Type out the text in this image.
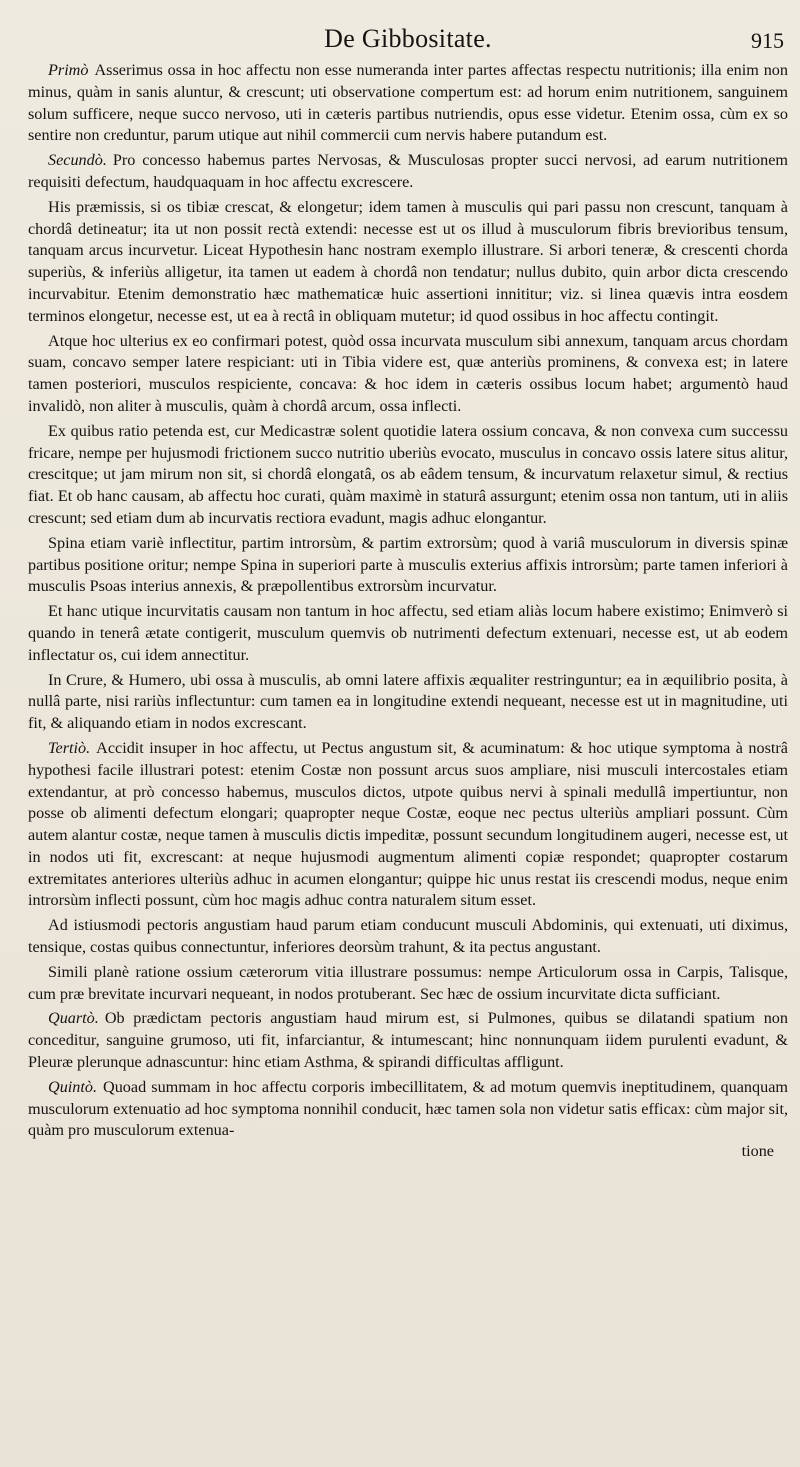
De Gibbositate.	915

Primò Asserimus ossa in hoc affectu non esse numeranda inter partes affectas respectu nutritionis; illa enim non minus, quàm in sanis aluntur, & crescunt; uti observatione compertum est: ad horum enim nutritionem, sanguinem solum sufficere, neque succo nervoso, uti in cæteris partibus nutriendis, opus esse videtur. Etenim ossa, cùm ex so sentire non creduntur, parum utique aut nihil commercii cum nervis habere putandum est.

Secundò. Pro concesso habemus partes Nervosas, & Musculosas propter succi nervosi, ad earum nutritionem requisiti defectum, haudquaquam in hoc affectu excrescere.

His præmissis, si os tibiæ crescat, & elongetur; idem tamen à musculis qui pari passu non crescunt, tanquam à chordâ detineatur; ita ut non possit rectà extendi: necesse est ut os illud à musculorum fibris brevioribus tensum, tanquam arcus incurvetur. Liceat Hypothesin hanc nostram exemplo illustrare. Si arbori teneræ, & crescenti chorda superiùs, & inferiùs alligetur, ita tamen ut eadem à chordâ non tendatur; nullus dubito, quin arbor dicta crescendo incurvabitur. Etenim demonstratio hæc mathematicæ huic assertioni innititur; viz. si linea quævis intra eosdem terminos elongetur, necesse est, ut ea à rectâ in obliquam mutetur; id quod ossibus in hoc affectu contingit.

Atque hoc ulterius ex eo confirmari potest, quòd ossa incurvata musculum sibi annexum, tanquam arcus chordam suam, concavo semper latere respiciant: uti in Tibia videre est, quæ anteriùs prominens, & convexa est; in latere tamen posteriori, musculos respiciente, concava: & hoc idem in cæteris ossibus locum habet; argumentò haud invalidò, non aliter à musculis, quàm à chordâ arcum, ossa inflecti.

Ex quibus ratio petenda est, cur Medicastræ solent quotidie latera ossium concava, & non convexa cum successu fricare, nempe per hujusmodi frictionem succo nutritio uberiùs evocato, musculus in concavo ossis latere situs alitur, crescitque; ut jam mirum non sit, si chordâ elongatâ, os ab eâdem tensum, & incurvatum relaxetur simul, & rectius fiat. Et ob hanc causam, ab affectu hoc curati, quàm maximè in staturâ assurgunt; etenim ossa non tantum, uti in aliis crescunt; sed etiam dum ab incurvatis rectiora evadunt, magis adhuc elongantur.

Spina etiam variè inflectitur, partim introrsùm, & partim extrorsùm; quod à variâ musculorum in diversis spinæ partibus positione oritur; nempe Spina in superiori parte à musculis exterius affixis introrsùm; parte tamen inferiori à musculis Psoas interius annexis, & præpollentibus extrorsùm incurvatur.

Et hanc utique incurvitatis causam non tantum in hoc affectu, sed etiam aliàs locum habere existimo; Enimverò si quando in tenerâ ætate contigerit, musculum quemvis ob nutrimenti defectum extenuari, necesse est, ut ab eodem inflectatur os, cui idem annectitur.

In Crure, & Humero, ubi ossa à musculis, ab omni latere affixis æqualiter restringuntur; ea in æquilibrio posita, à nullâ parte, nisi rariùs inflectuntur: cum tamen ea in longitudine extendi nequeant, necesse est ut in magnitudine, uti fit, & aliquando etiam in nodos excrescant.

Tertiò. Accidit insuper in hoc affectu, ut Pectus angustum sit, & acuminatum: & hoc utique symptoma à nostrâ hypothesi facile illustrari potest: etenim Costæ non possunt arcus suos ampliare, nisi musculi intercostales etiam extendantur, at prò concesso habemus, musculos dictos, utpote quibus nervi à spinali medullâ impertiuntur, non posse ob alimenti defectum elongari; quapropter neque Costæ, eoque nec pectus ulteriùs ampliari possunt. Cùm autem alantur costæ, neque tamen à musculis dictis impeditæ, possunt secundum longitudinem augeri, necesse est, ut in nodos uti fit, excrescant: at neque hujusmodi augmentum alimenti copiæ respondet; quapropter costarum extremitates anteriores ulteriùs adhuc in acumen elongantur; quippe hic unus restat iis crescendi modus, neque enim introrsùm inflecti possunt, cùm hoc magis adhuc contra naturalem situm esset.

Ad istiusmodi pectoris angustiam haud parum etiam conducunt musculi Abdominis, qui extenuati, uti diximus, tensique, costas quibus connectuntur, inferiores deorsùm trahunt, & ita pectus angustant.

Simili planè ratione ossium cæterorum vitia illustrare possumus: nempe Articulorum ossa in Carpis, Talisque, cum præ brevitate incurvari nequeant, in nodos protuberant. Sec hæc de ossium incurvitate dicta sufficiant.

Quartò. Ob prædictam pectoris angustiam haud mirum est, si Pulmones, quibus se dilatandi spatium non conceditur, sanguine grumoso, uti fit, infarciantur, & intumescant; hinc nonnunquam iidem purulenti evadunt, & Pleuræ plerunque adnascuntur: hinc etiam Asthma, & spirandi difficultas affligunt.

Quintò. Quoad summam in hoc affectu corporis imbecillitatem, & ad motum quemvis ineptitudinem, quanquam musculorum extenuatio ad hoc symptoma nonnihil conducit, hæc tamen sola non videtur satis efficax: cùm major sit, quàm pro musculorum extenua-

tione
